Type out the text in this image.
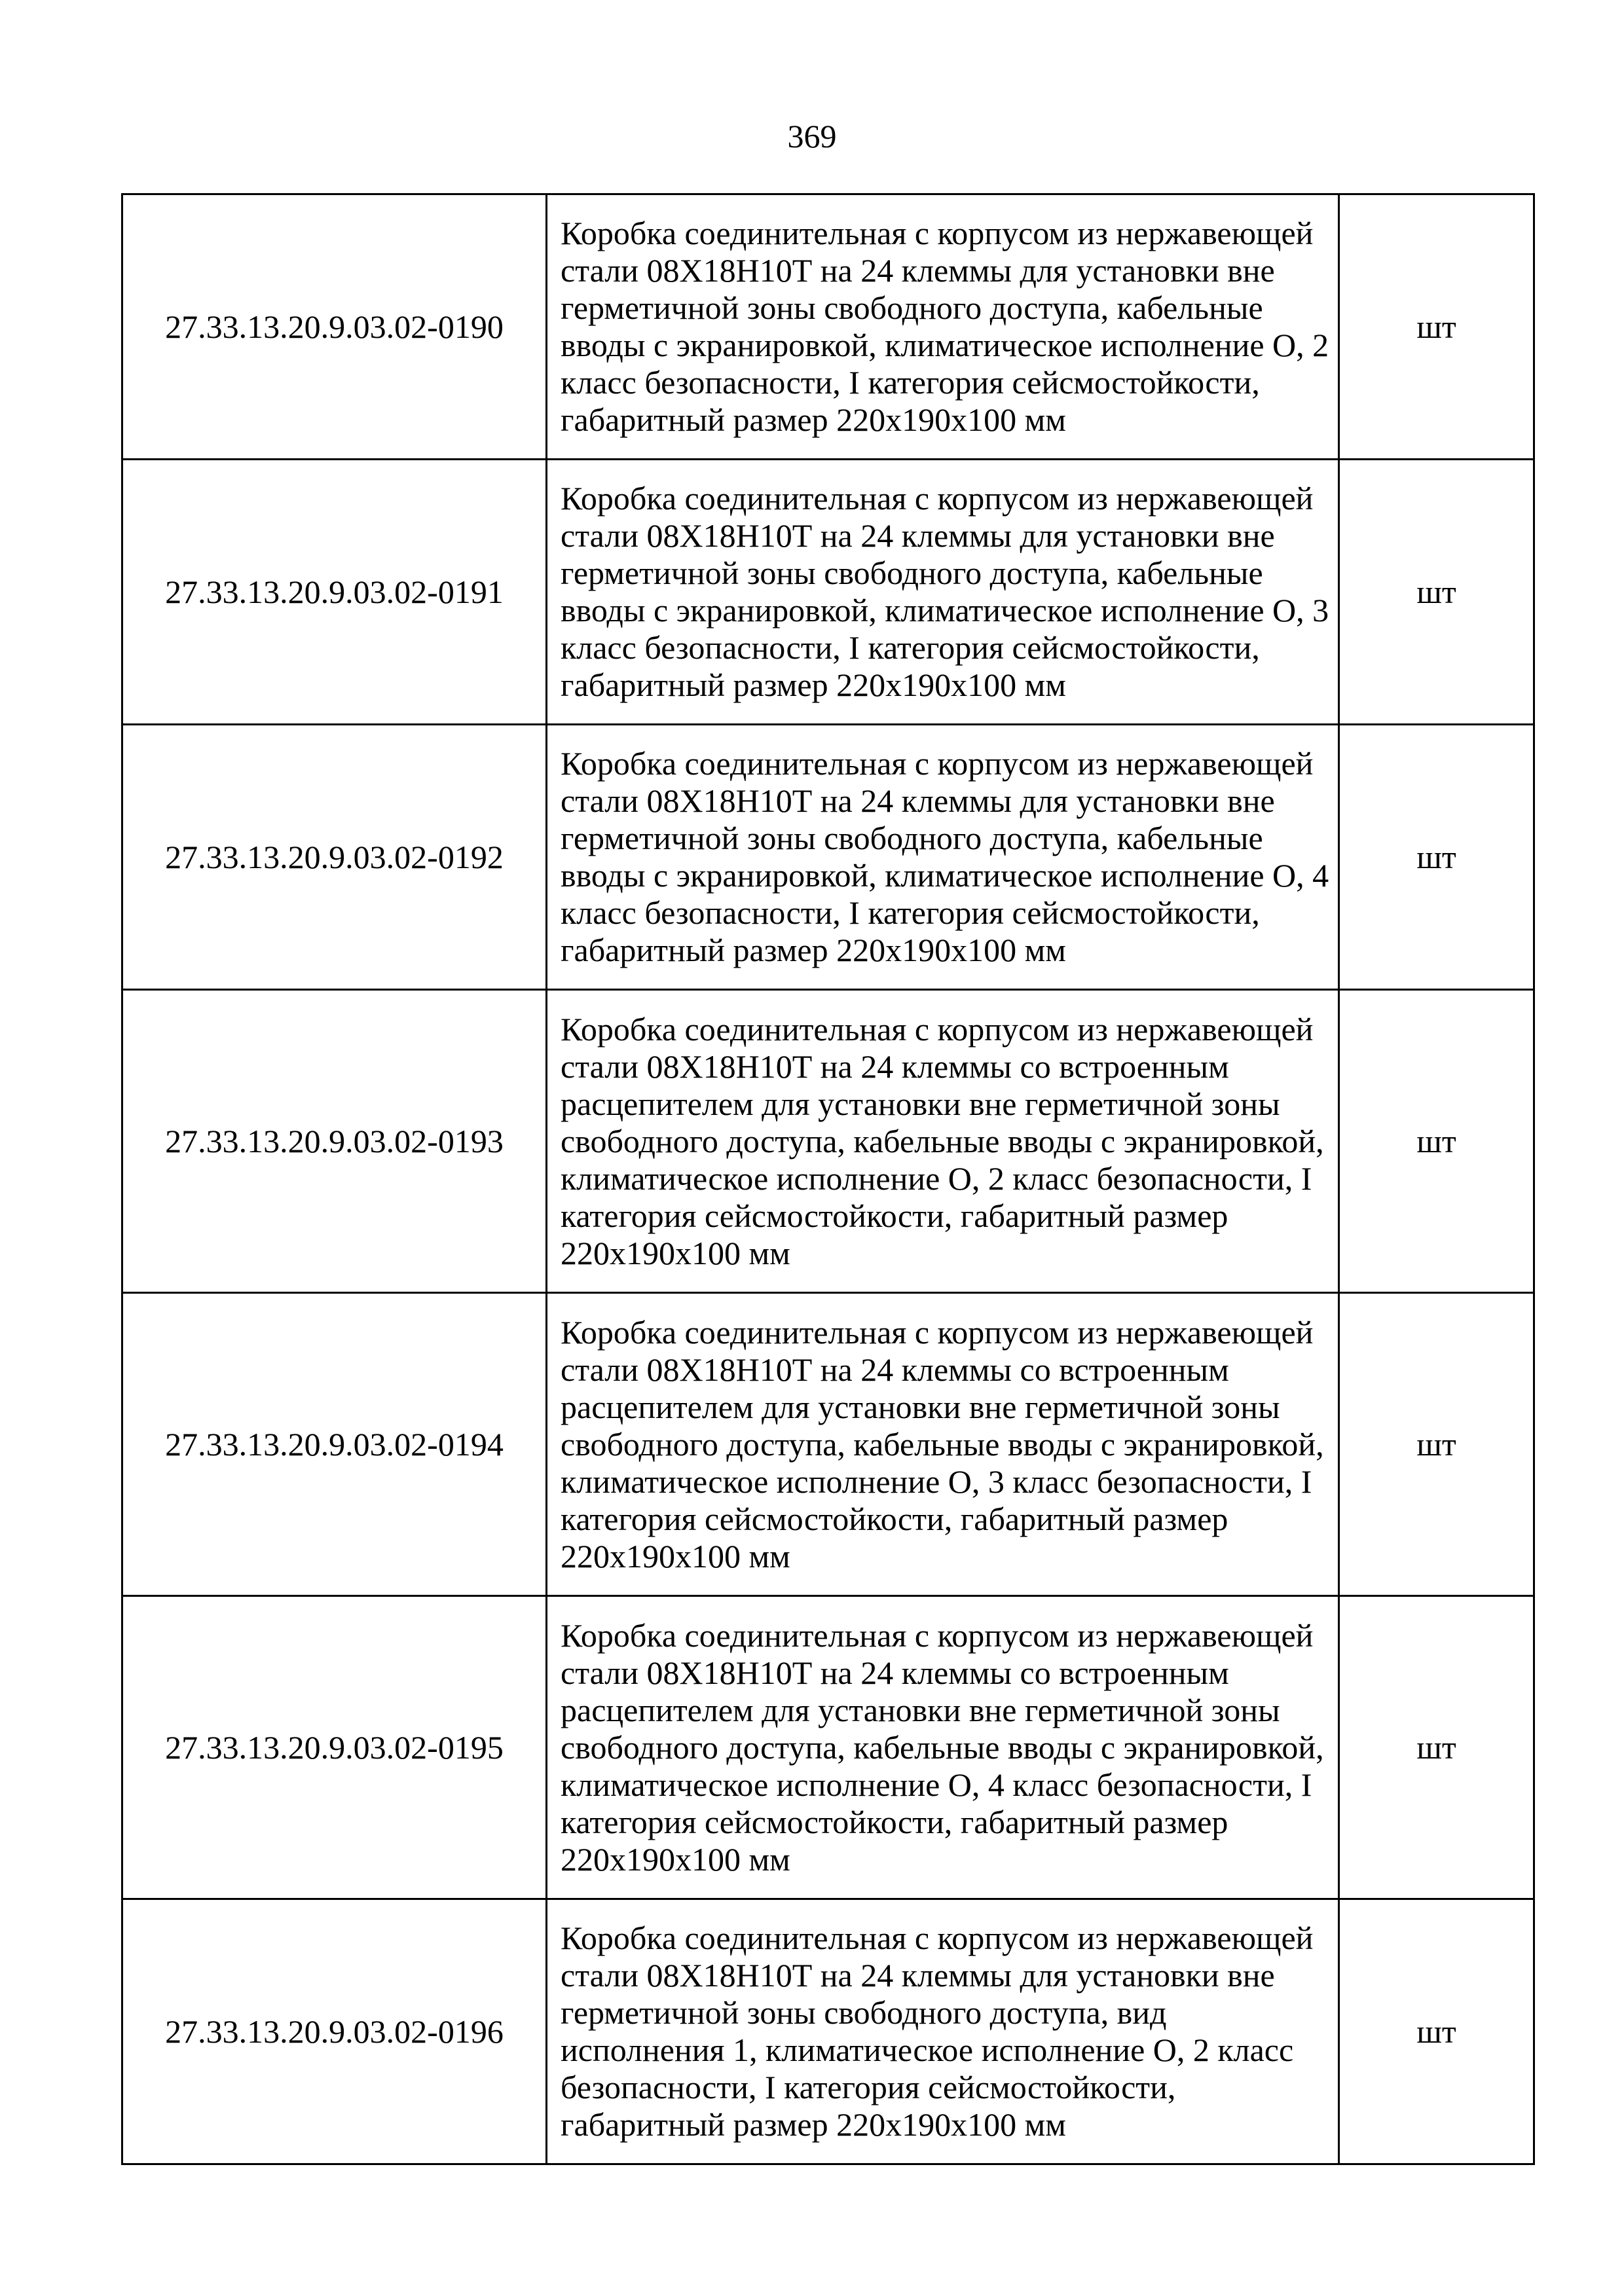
369
27.33.13.20.9.03.02-0190	Коробка соединительная с корпусом из нержавеющей стали 08Х18Н10Т на 24 клеммы для установки вне герметичной зоны свободного доступа, кабельные вводы с экранировкой, климатическое исполнение О, 2 класс безопасности, I категория сейсмостойкости, габаритный размер 220х190х100 мм	шт
27.33.13.20.9.03.02-0191	Коробка соединительная с корпусом из нержавеющей стали 08Х18Н10Т на 24 клеммы для установки вне герметичной зоны свободного доступа, кабельные вводы с экранировкой, климатическое исполнение О, 3 класс безопасности, I категория сейсмостойкости, габаритный размер 220х190х100 мм	шт
27.33.13.20.9.03.02-0192	Коробка соединительная с корпусом из нержавеющей стали 08Х18Н10Т на 24 клеммы для установки вне герметичной зоны свободного доступа, кабельные вводы с экранировкой, климатическое исполнение О, 4 класс безопасности, I категория сейсмостойкости, габаритный размер 220х190х100 мм	шт
27.33.13.20.9.03.02-0193	Коробка соединительная с корпусом из нержавеющей стали 08Х18Н10Т на 24 клеммы со встроенным расцепителем для установки вне герметичной зоны свободного доступа, кабельные вводы с экранировкой, климатическое исполнение О, 2 класс безопасности, I категория сейсмостойкости, габаритный размер 220х190х100 мм	шт
27.33.13.20.9.03.02-0194	Коробка соединительная с корпусом из нержавеющей стали 08Х18Н10Т на 24 клеммы со встроенным расцепителем для установки вне герметичной зоны свободного доступа, кабельные вводы с экранировкой, климатическое исполнение О, 3 класс безопасности, I категория сейсмостойкости, габаритный размер 220х190х100 мм	шт
27.33.13.20.9.03.02-0195	Коробка соединительная с корпусом из нержавеющей стали 08Х18Н10Т на 24 клеммы со встроенным расцепителем для установки вне герметичной зоны свободного доступа, кабельные вводы с экранировкой, климатическое исполнение О, 4 класс безопасности, I категория сейсмостойкости, габаритный размер 220х190х100 мм	шт
27.33.13.20.9.03.02-0196	Коробка соединительная с корпусом из нержавеющей стали 08Х18Н10Т на 24 клеммы для установки вне герметичной зоны свободного доступа, вид исполнения 1, климатическое исполнение О, 2 класс безопасности, I категория сейсмостойкости, габаритный размер 220х190х100 мм	шт
